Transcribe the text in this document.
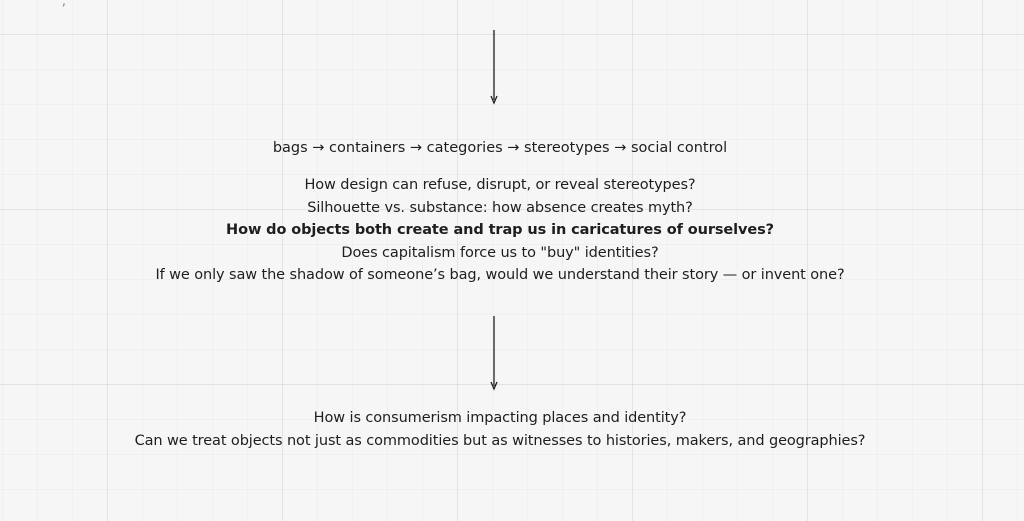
,
bags → containers → categories → stereotypes → social control

How design can refuse, disrupt, or reveal stereotypes?

Silhouette vs. substance: how absence creates myth?

How do objects both create and trap us in caricatures of ourselves?

Does capitalism force us to "buy" identities?

If we only saw the shadow of someone’s bag, would we understand their story — or invent one?

How is consumerism impacting places and identity?

Can we treat objects not just as commodities but as witnesses to histories, makers, and geographies?
